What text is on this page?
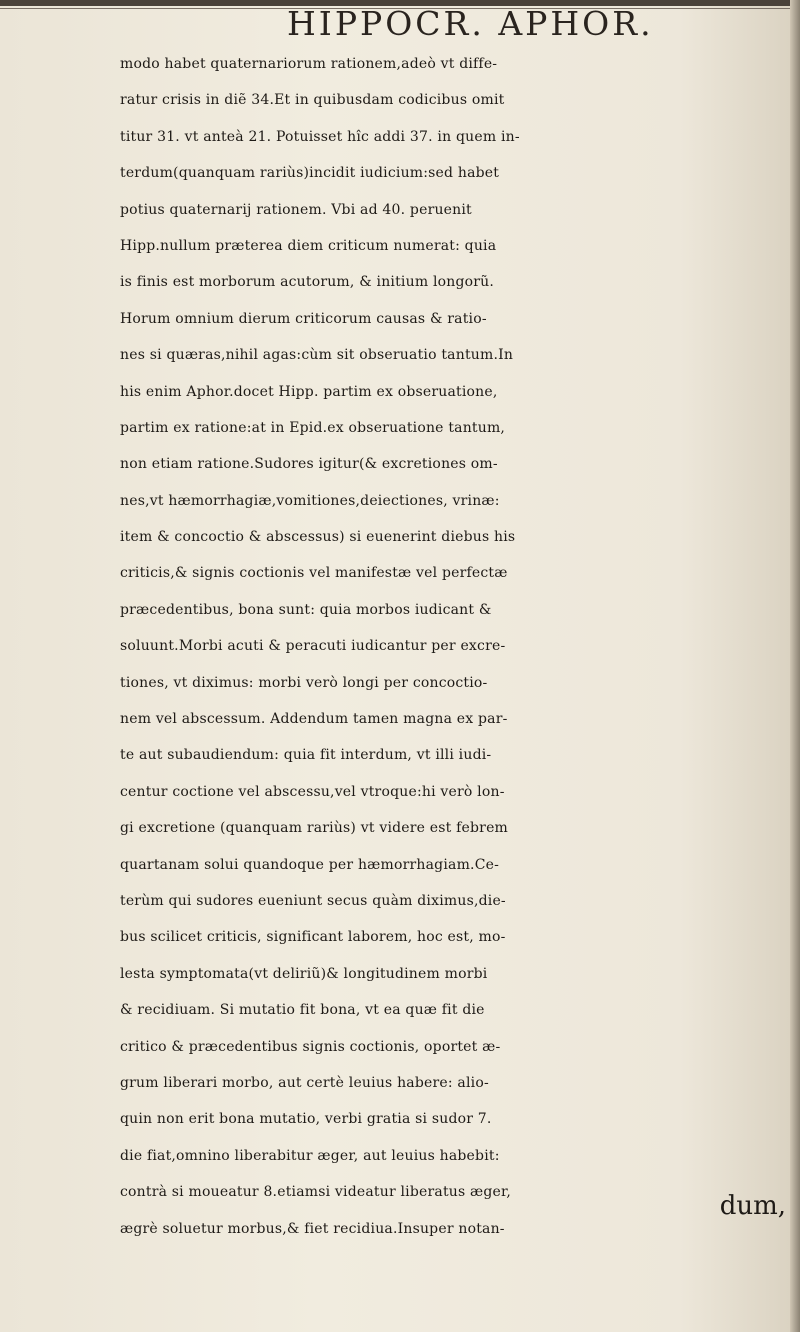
HIPPOCR. APHOR.
modo habet quaternariorum rationem,adeò vt diffe-
ratur crisis in diẽ 34.Et in quibusdam codicibus omit
titur 31. vt anteà 21. Potuisset hîc addi 37. in quem in-
terdum(quanquam rariùs)incidit iudicium:sed habet
potius quaternarij rationem. Vbi ad 40. peruenit
Hipp.nullum præterea diem criticum numerat: quia
is finis est morborum acutorum, & initium longorũ.
Horum omnium dierum criticorum causas & ratio-
nes si quæras,nihil agas:cùm sit obseruatio tantum.In
his enim Aphor.docet Hipp. partim ex obseruatione,
partim ex ratione:at in Epid.ex obseruatione tantum,
non etiam ratione.Sudores igitur(& excretiones om-
nes,vt hæmorrhagiæ,vomitiones,deiectiones, vrinæ:
item & concoctio & abscessus) si euenerint diebus his
criticis,& signis coctionis vel manifestæ vel perfectæ
præcedentibus, bona sunt: quia morbos iudicant &
soluunt.Morbi acuti & peracuti iudicantur per excre-
tiones, vt diximus: morbi verò longi per concoctio-
nem vel abscessum. Addendum tamen magna ex par-
te aut subaudiendum: quia fit interdum, vt illi iudi-
centur coctione vel abscessu,vel vtroque:hi verò lon-
gi excretione (quanquam rariùs) vt videre est febrem
quartanam solui quandoque per hæmorrhagiam.Ce-
terùm qui sudores eueniunt secus quàm diximus,die-
bus scilicet criticis, significant laborem, hoc est, mo-
lesta symptomata(vt deliriũ)& longitudinem morbi
& recidiuam. Si mutatio fit bona, vt ea quæ fit die
critico & præcedentibus signis coctionis, oportet æ-
grum liberari morbo, aut certè leuius habere: alio-
quin non erit bona mutatio, verbi gratia si sudor 7.
die fiat,omnino liberabitur æger, aut leuius habebit:
contrà si moueatur 8.etiamsi videatur liberatus æger,
ægrè soluetur morbus,& fiet recidiua.Insuper notan-
dum,
